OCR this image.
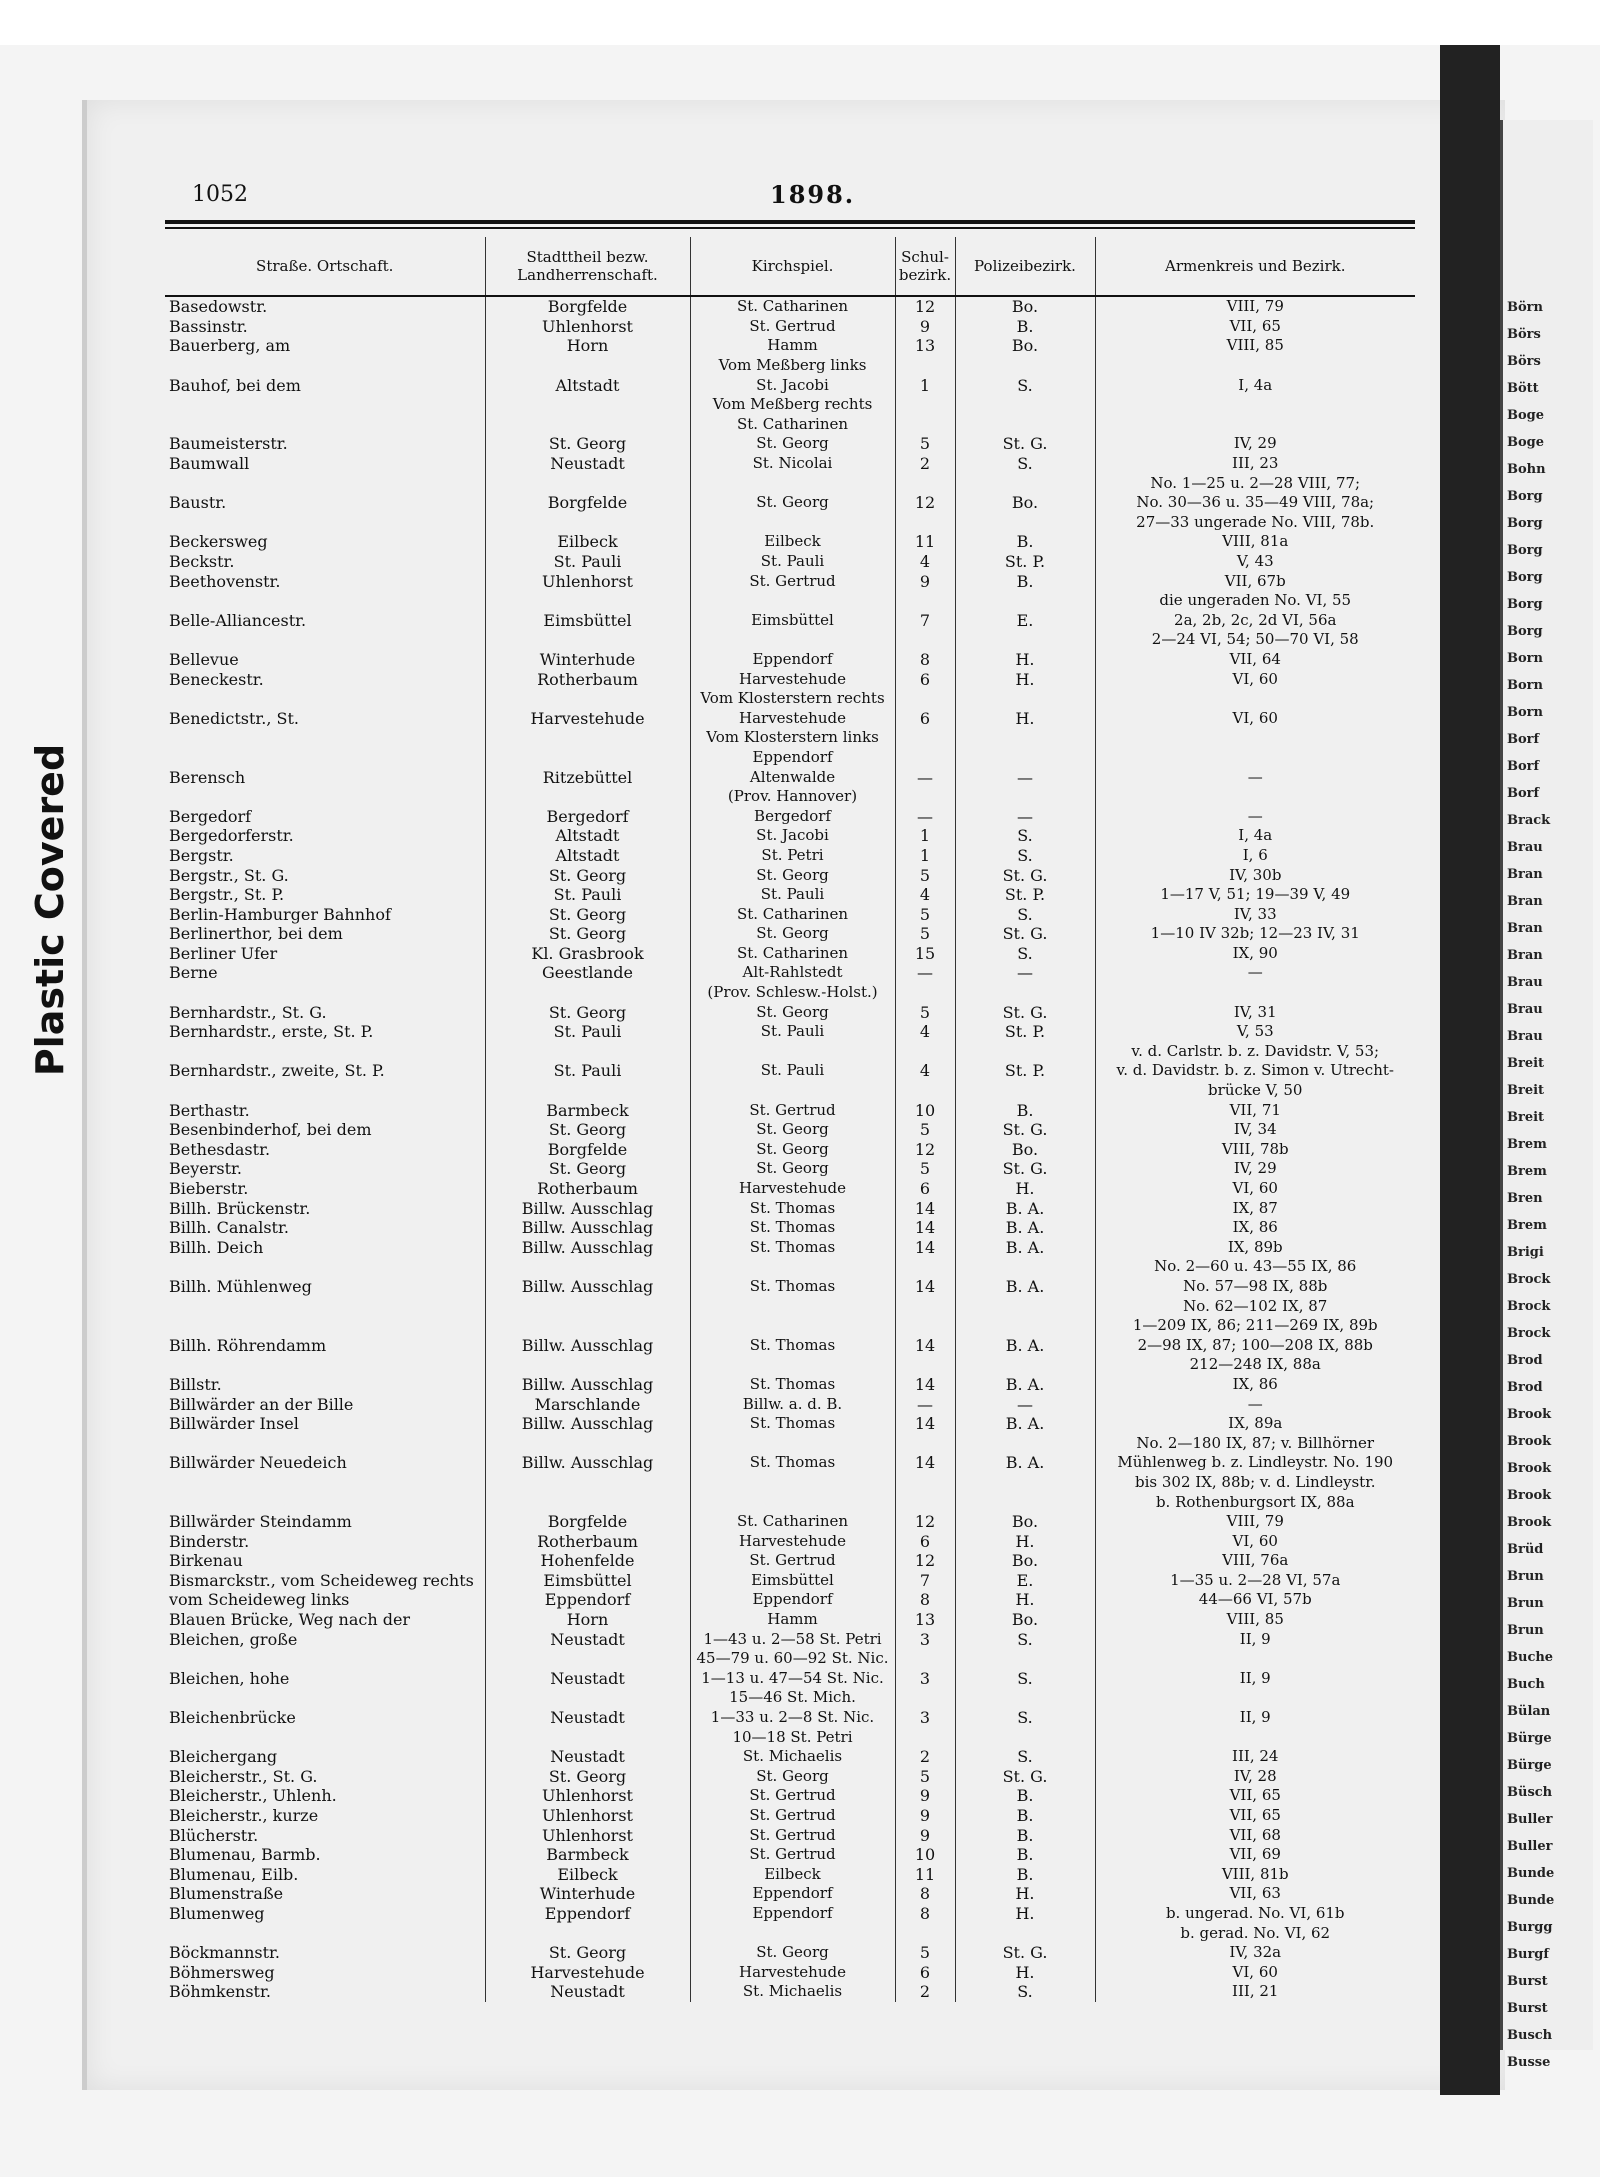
Plastic Covered
Börn
Börs
Börs
Bött
Boge
Boge
Bohn
Borg
Borg
Borg
Borg
Borg
Borg
Born
Born
Born
Borf
Borf
Borf
Brack
Brau
Bran
Bran
Bran
Bran
Brau
Brau
Brau
Breit
Breit
Breit
Brem
Brem
Bren
Brem
Brigi
Brock
Brock
Brock
Brod
Brod
Brook
Brook
Brook
Brook
Brook
Brüd
Brun
Brun
Brun
Buche
Buch
Bülan
Bürge
Bürge
Büsch
Buller
Buller
Bunde
Bunde
Burgg
Burgf
Burst
Burst
Busch
Busse
1052	1898.
Straße. Ortschaft.	Stadttheil bezw. Landherrenschaft.	Kirchspiel.	Schul-bezirk.	Polizeibezirk.	Armenkreis und Bezirk.
Basedowstr.	Borgfelde	St. Catharinen	12	Bo.	VIII, 79
Bassinstr.	Uhlenhorst	St. Gertrud	9	B.	VII, 65
Bauerberg, am	Horn	Hamm	13	Bo.	VIII, 85
		Vom Meßberg links			
Bauhof, bei dem	Altstadt	St. Jacobi	1	S.	I, 4a
		Vom Meßberg rechts			
		St. Catharinen			
Baumeisterstr.	St. Georg	St. Georg	5	St. G.	IV, 29
Baumwall	Neustadt	St. Nicolai	2	S.	III, 23
					No. 1—25 u. 2—28 VIII, 77;
Baustr.	Borgfelde	St. Georg	12	Bo.	No. 30—36 u. 35—49 VIII, 78a;
					27—33 ungerade No. VIII, 78b.
Beckersweg	Eilbeck	Eilbeck	11	B.	VIII, 81a
Beckstr.	St. Pauli	St. Pauli	4	St. P.	V, 43
Beethovenstr.	Uhlenhorst	St. Gertrud	9	B.	VII, 67b
					die ungeraden No. VI, 55
Belle-Alliancestr.	Eimsbüttel	Eimsbüttel	7	E.	2a, 2b, 2c, 2d VI, 56a
					2—24 VI, 54; 50—70 VI, 58
Bellevue	Winterhude	Eppendorf	8	H.	VII, 64
Beneckestr.	Rotherbaum	Harvestehude	6	H.	VI, 60
		Vom Klosterstern rechts			
Benedictstr., St.	Harvestehude	Harvestehude	6	H.	VI, 60
		Vom Klosterstern links			
		Eppendorf			
Berensch	Ritzebüttel	Altenwalde	—	—	—
		(Prov. Hannover)			
Bergedorf	Bergedorf	Bergedorf	—	—	—
Bergedorferstr.	Altstadt	St. Jacobi	1	S.	I, 4a
Bergstr.	Altstadt	St. Petri	1	S.	I, 6
Bergstr., St. G.	St. Georg	St. Georg	5	St. G.	IV, 30b
Bergstr., St. P.	St. Pauli	St. Pauli	4	St. P.	1—17 V, 51; 19—39 V, 49
Berlin-Hamburger Bahnhof	St. Georg	St. Catharinen	5	S.	IV, 33
Berlinerthor, bei dem	St. Georg	St. Georg	5	St. G.	1—10 IV 32b; 12—23 IV, 31
Berliner Ufer	Kl. Grasbrook	St. Catharinen	15	S.	IX, 90
Berne	Geestlande	Alt-Rahlstedt	—	—	—
		(Prov. Schlesw.-Holst.)			
Bernhardstr., St. G.	St. Georg	St. Georg	5	St. G.	IV, 31
Bernhardstr., erste, St. P.	St. Pauli	St. Pauli	4	St. P.	V, 53
					v. d. Carlstr. b. z. Davidstr. V, 53;
Bernhardstr., zweite, St. P.	St. Pauli	St. Pauli	4	St. P.	v. d. Davidstr. b. z. Simon v. Utrecht-
					brücke V, 50
Berthastr.	Barmbeck	St. Gertrud	10	B.	VII, 71
Besenbinderhof, bei dem	St. Georg	St. Georg	5	St. G.	IV, 34
Bethesdastr.	Borgfelde	St. Georg	12	Bo.	VIII, 78b
Beyerstr.	St. Georg	St. Georg	5	St. G.	IV, 29
Bieberstr.	Rotherbaum	Harvestehude	6	H.	VI, 60
Billh. Brückenstr.	Billw. Ausschlag	St. Thomas	14	B. A.	IX, 87
Billh. Canalstr.	Billw. Ausschlag	St. Thomas	14	B. A.	IX, 86
Billh. Deich	Billw. Ausschlag	St. Thomas	14	B. A.	IX, 89b
					No. 2—60 u. 43—55 IX, 86
Billh. Mühlenweg	Billw. Ausschlag	St. Thomas	14	B. A.	No. 57—98 IX, 88b
					No. 62—102 IX, 87
					1—209 IX, 86; 211—269 IX, 89b
Billh. Röhrendamm	Billw. Ausschlag	St. Thomas	14	B. A.	2—98 IX, 87; 100—208 IX, 88b
					212—248 IX, 88a
Billstr.	Billw. Ausschlag	St. Thomas	14	B. A.	IX, 86
Billwärder an der Bille	Marschlande	Billw. a. d. B.	—	—	—
Billwärder Insel	Billw. Ausschlag	St. Thomas	14	B. A.	IX, 89a
					No. 2—180 IX, 87; v. Billhörner
Billwärder Neuedeich	Billw. Ausschlag	St. Thomas	14	B. A.	Mühlenweg b. z. Lindleystr. No. 190
					bis 302 IX, 88b; v. d. Lindleystr.
					b. Rothenburgsort IX, 88a
Billwärder Steindamm	Borgfelde	St. Catharinen	12	Bo.	VIII, 79
Binderstr.	Rotherbaum	Harvestehude	6	H.	VI, 60
Birkenau	Hohenfelde	St. Gertrud	12	Bo.	VIII, 76a
Bismarckstr., vom Scheideweg rechts	Eimsbüttel	Eimsbüttel	7	E.	1—35 u. 2—28 VI, 57a
vom Scheideweg links	Eppendorf	Eppendorf	8	H.	44—66 VI, 57b
Blauen Brücke, Weg nach der	Horn	Hamm	13	Bo.	VIII, 85
Bleichen, große	Neustadt	1—43 u. 2—58 St. Petri	3	S.	II, 9
		45—79 u. 60—92 St. Nic.			
Bleichen, hohe	Neustadt	1—13 u. 47—54 St. Nic.	3	S.	II, 9
		15—46 St. Mich.			
Bleichenbrücke	Neustadt	1—33 u. 2—8 St. Nic.	3	S.	II, 9
		10—18 St. Petri			
Bleichergang	Neustadt	St. Michaelis	2	S.	III, 24
Bleicherstr., St. G.	St. Georg	St. Georg	5	St. G.	IV, 28
Bleicherstr., Uhlenh.	Uhlenhorst	St. Gertrud	9	B.	VII, 65
Bleicherstr., kurze	Uhlenhorst	St. Gertrud	9	B.	VII, 65
Blücherstr.	Uhlenhorst	St. Gertrud	9	B.	VII, 68
Blumenau, Barmb.	Barmbeck	St. Gertrud	10	B.	VII, 69
Blumenau, Eilb.	Eilbeck	Eilbeck	11	B.	VIII, 81b
Blumenstraße	Winterhude	Eppendorf	8	H.	VII, 63
Blumenweg	Eppendorf	Eppendorf	8	H.	b. ungerad. No. VI, 61b
					b. gerad. No. VI, 62
Böckmannstr.	St. Georg	St. Georg	5	St. G.	IV, 32a
Böhmersweg	Harvestehude	Harvestehude	6	H.	VI, 60
Böhmkenstr.	Neustadt	St. Michaelis	2	S.	III, 21
